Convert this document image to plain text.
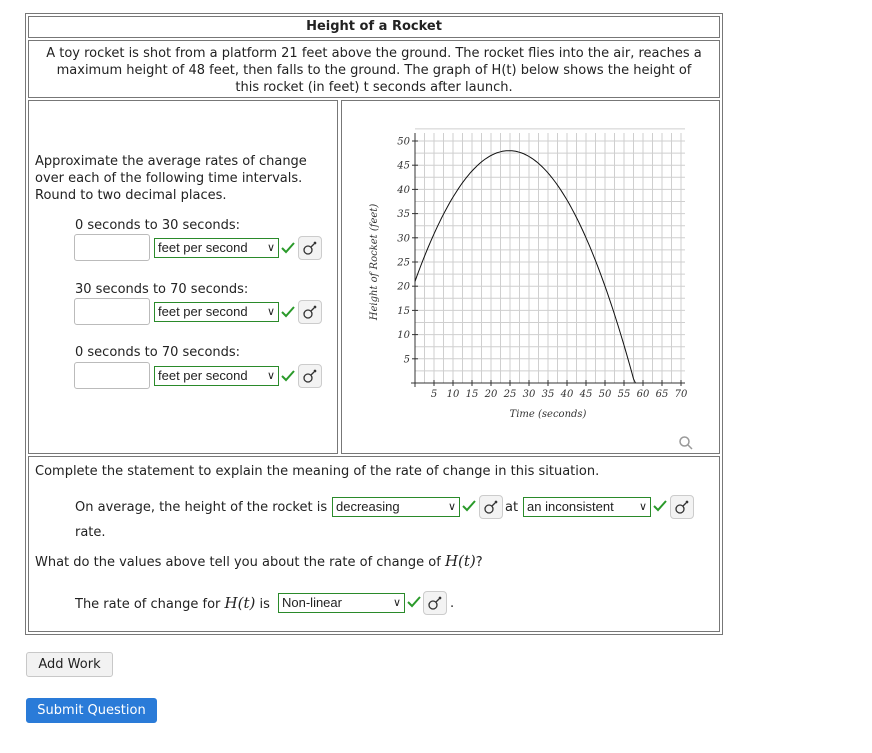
Height of a Rocket
A toy rocket is shot from a platform 21 feet above the ground. The rocket flies into the air, reaches a maximum height of 48 feet, then falls to the ground. The graph of H(t) below shows the height of this rocket (in feet) t seconds after launch.
Approximate the average rates of change over each of the following time intervals. Round to two decimal places.
0 seconds to 30 seconds:
feet per second ∨
30 seconds to 70 seconds:
feet per second ∨
0 seconds to 70 seconds:
feet per second ∨
5
10
15
20
25
30
35
40
45
50
5 10 15 20 25 30 35 40 45 50 55 60 65 70
Height of Rocket (feet)
Time (seconds)
Complete the statement to explain the meaning of the rate of change in this situation.
On average, the height of the rocket is decreasing	∨	at an inconsistent ∨
rate.
What do the values above tell you about the rate of change of H(t)?
The rate of change for H(t) is Non-linear	∨	.
Add Work
Submit Question
